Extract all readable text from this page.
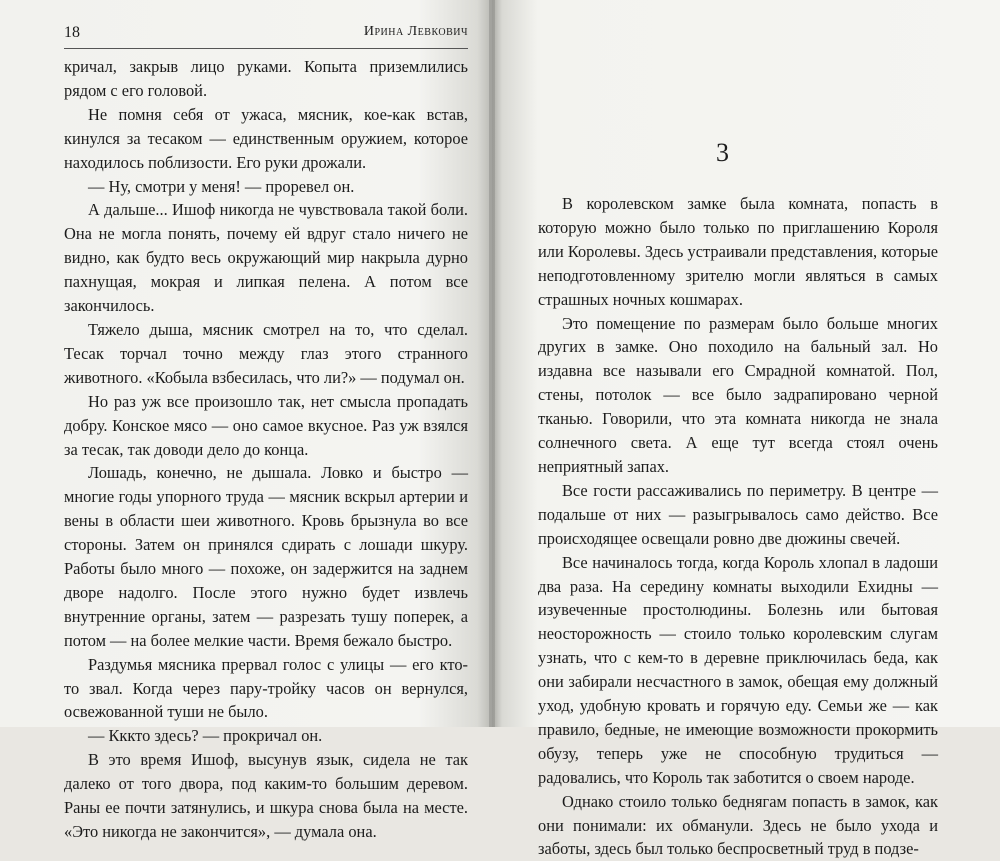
18	Ирина Левкович

кричал, закрыв лицо руками. Копыта приземлились рядом с его головой.

Не помня себя от ужаса, мясник, кое-как встав, кинулся за тесаком — единственным оружием, которое находилось поблизости. Его руки дрожали.

— Ну, смотри у меня! — проревел он.

А дальше... Ишоф никогда не чувствовала такой боли. Она не могла понять, почему ей вдруг стало ничего не видно, как будто весь окружающий мир накрыла дурно пахнущая, мокрая и липкая пелена. А потом все закончилось.

Тяжело дыша, мясник смотрел на то, что сделал. Тесак торчал точно между глаз этого странного животного. «Кобыла взбесилась, что ли?» — подумал он.

Но раз уж все произошло так, нет смысла пропадать добру. Конское мясо — оно самое вкусное. Раз уж взялся за тесак, так доводи дело до конца.

Лошадь, конечно, не дышала. Ловко и быстро — многие годы упорного труда — мясник вскрыл артерии и вены в области шеи животного. Кровь брызнула во все стороны. Затем он принялся сдирать с лошади шкуру. Работы было много — похоже, он задержится на заднем дворе надолго. После этого нужно будет извлечь внутренние органы, затем — разрезать тушу поперек, а потом — на более мелкие части. Время бежало быстро.

Раздумья мясника прервал голос с улицы — его кто-то звал. Когда через пару-тройку часов он вернулся, освежованной туши не было.

— Кккто здесь? — прокричал он.

В это время Ишоф, высунув язык, сидела не так далеко от того двора, под каким-то большим деревом. Раны ее почти затянулись, и шкура снова была на месте. «Это никогда не закончится», — думала она.

3

В королевском замке была комната, попасть в которую можно было только по приглашению Короля или Королевы. Здесь устраивали представления, которые неподготовленному зрителю могли являться в самых страшных ночных кошмарах.

Это помещение по размерам было больше многих других в замке. Оно походило на бальный зал. Но издавна все называли его Смрадной комнатой. Пол, стены, потолок — все было задрапировано черной тканью. Говорили, что эта комната никогда не знала солнечного света. А еще тут всегда стоял очень неприятный запах.

Все гости рассаживались по периметру. В центре — подальше от них — разыгрывалось само действо. Все происходящее освещали ровно две дюжины свечей.

Все начиналось тогда, когда Король хлопал в ладоши два раза. На середину комнаты выходили Ехидны — изувеченные простолюдины. Болезнь или бытовая неосторожность — стоило только королевским слугам узнать, что с кем-то в деревне приключилась беда, как они забирали несчастного в замок, обещая ему должный уход, удобную кровать и горячую еду. Семьи же — как правило, бедные, не имеющие возможности прокормить обузу, теперь уже не способную трудиться — радовались, что Король так заботится о своем народе.

Однако стоило только беднягам попасть в замок, как они понимали: их обманули. Здесь не было ухода и заботы, здесь был только беспросветный труд в подзе-
